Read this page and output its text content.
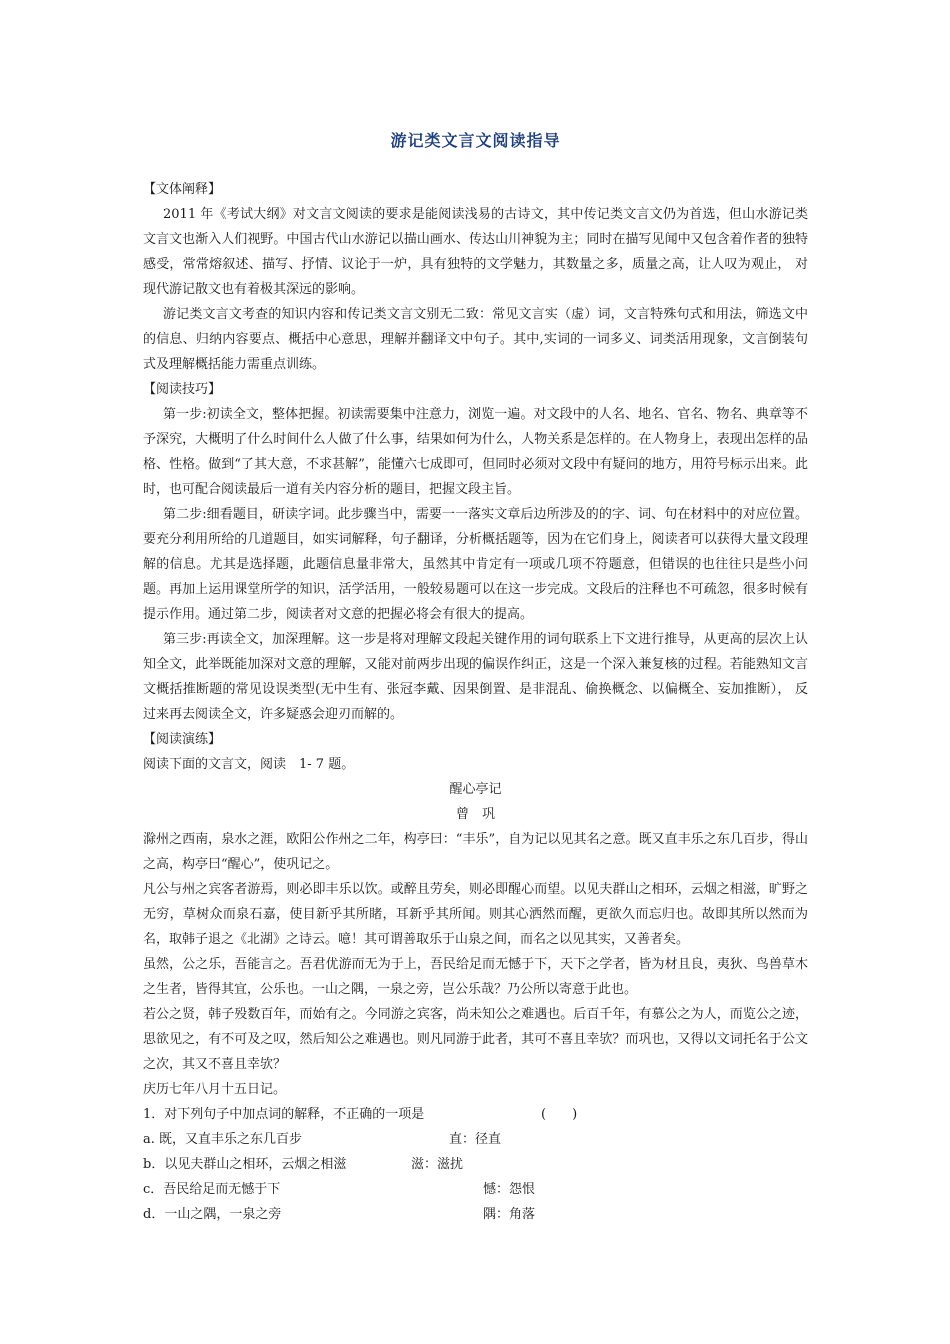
游记类文言文阅读指导

【文体阐释】

2011 年《考试大纲》对文言文阅读的要求是能阅读浅易的古诗文，其中传记类文言文仍为首选，但山水游记类文言文也渐入人们视野。中国古代山水游记以描山画水、传达山川神貌为主；同时在描写见闻中又包含着作者的独特感受，常常熔叙述、描写、抒情、议论于一炉，具有独特的文学魅力，其数量之多，质量之高，让人叹为观止， 对现代游记散文也有着极其深远的影响。

游记类文言文考查的知识内容和传记类文言文别无二致：常见文言实（虚）词，文言特殊句式和用法，筛选文中的信息、归纳内容要点、概括中心意思，理解并翻译文中句子。其中,实词的一词多义、词类活用现象，文言倒装句式及理解概括能力需重点训练。

【阅读技巧】

第一步:初读全文，整体把握。初读需要集中注意力，浏览一遍。对文段中的人名、地名、官名、物名、典章等不予深究，大概明了什么时间什么人做了什么事，结果如何为什么，人物关系是怎样的。在人物身上，表现出怎样的品格、性格。做到“了其大意，不求甚解”，能懂六七成即可，但同时必须对文段中有疑问的地方，用符号标示出来。此时，也可配合阅读最后一道有关内容分析的题目，把握文段主旨。

第二步:细看题目，研读字词。此步骤当中，需要一一落实文章后边所涉及的的字、词、句在材料中的对应位置。要充分利用所给的几道题目，如实词解释，句子翻译，分析概括题等，因为在它们身上，阅读者可以获得大量文段理解的信息。尤其是选择题，此题信息量非常大，虽然其中肯定有一项或几项不符题意，但错误的也往往只是些小问题。再加上运用课堂所学的知识，活学活用，一般较易题可以在这一步完成。文段后的注释也不可疏忽，很多时候有提示作用。通过第二步，阅读者对文意的把握必将会有很大的提高。

第三步:再读全文，加深理解。这一步是将对理解文段起关键作用的词句联系上下文进行推导，从更高的层次上认知全文，此举既能加深对文意的理解，又能对前两步出现的偏误作纠正，这是一个深入兼复核的过程。若能熟知文言文概括推断题的常见设误类型(无中生有、张冠李戴、因果倒置、是非混乱、偷换概念、以偏概全、妄加推断）， 反过来再去阅读全文，许多疑惑会迎刃而解的。

【阅读演练】

阅读下面的文言文，阅读　1- 7 题。

醒心亭记

曾　巩

滁州之西南，泉水之涯，欧阳公作州之二年，构亭曰：“丰乐”，自为记以见其名之意。既又直丰乐之东几百步，得山之高，构亭曰“醒心”，使巩记之。

凡公与州之宾客者游焉，则必即丰乐以饮。或醉且劳矣，则必即醒心而望。以见夫群山之相环，云烟之相滋，旷野之无穷，草树众而泉石嘉，使目新乎其所睹，耳新乎其所闻。则其心洒然而醒，更欲久而忘归也。故即其所以然而为名，取韩子退之《北湖》之诗云。噫！其可谓善取乐于山泉之间，而名之以见其实，又善者矣。

虽然，公之乐，吾能言之。吾君优游而无为于上，吾民给足而无憾于下，天下之学者，皆为材且良，夷狄、鸟兽草木之生者，皆得其宜，公乐也。一山之隅，一泉之旁，岂公乐哉？乃公所以寄意于此也。

若公之贤，韩子殁数百年，而始有之。今同游之宾客，尚未知公之难遇也。后百千年，有慕公之为人，而览公之迹，思欲见之，有不可及之叹，然后知公之难遇也。则凡同游于此者，其可不喜且幸欤？而巩也，又得以文词托名于公文之次，其又不喜且幸欤？

庆历七年八月十五日记。

1．对下列句子中加点词的解释，不正确的一项是	(　　)
a. 既，又直丰乐之东几百步	直：径直
b．以见夫群山之相环，云烟之相滋	滋：滋扰
c．吾民给足而无憾于下	憾：怨恨
d．一山之隅，一泉之旁	隅：角落
